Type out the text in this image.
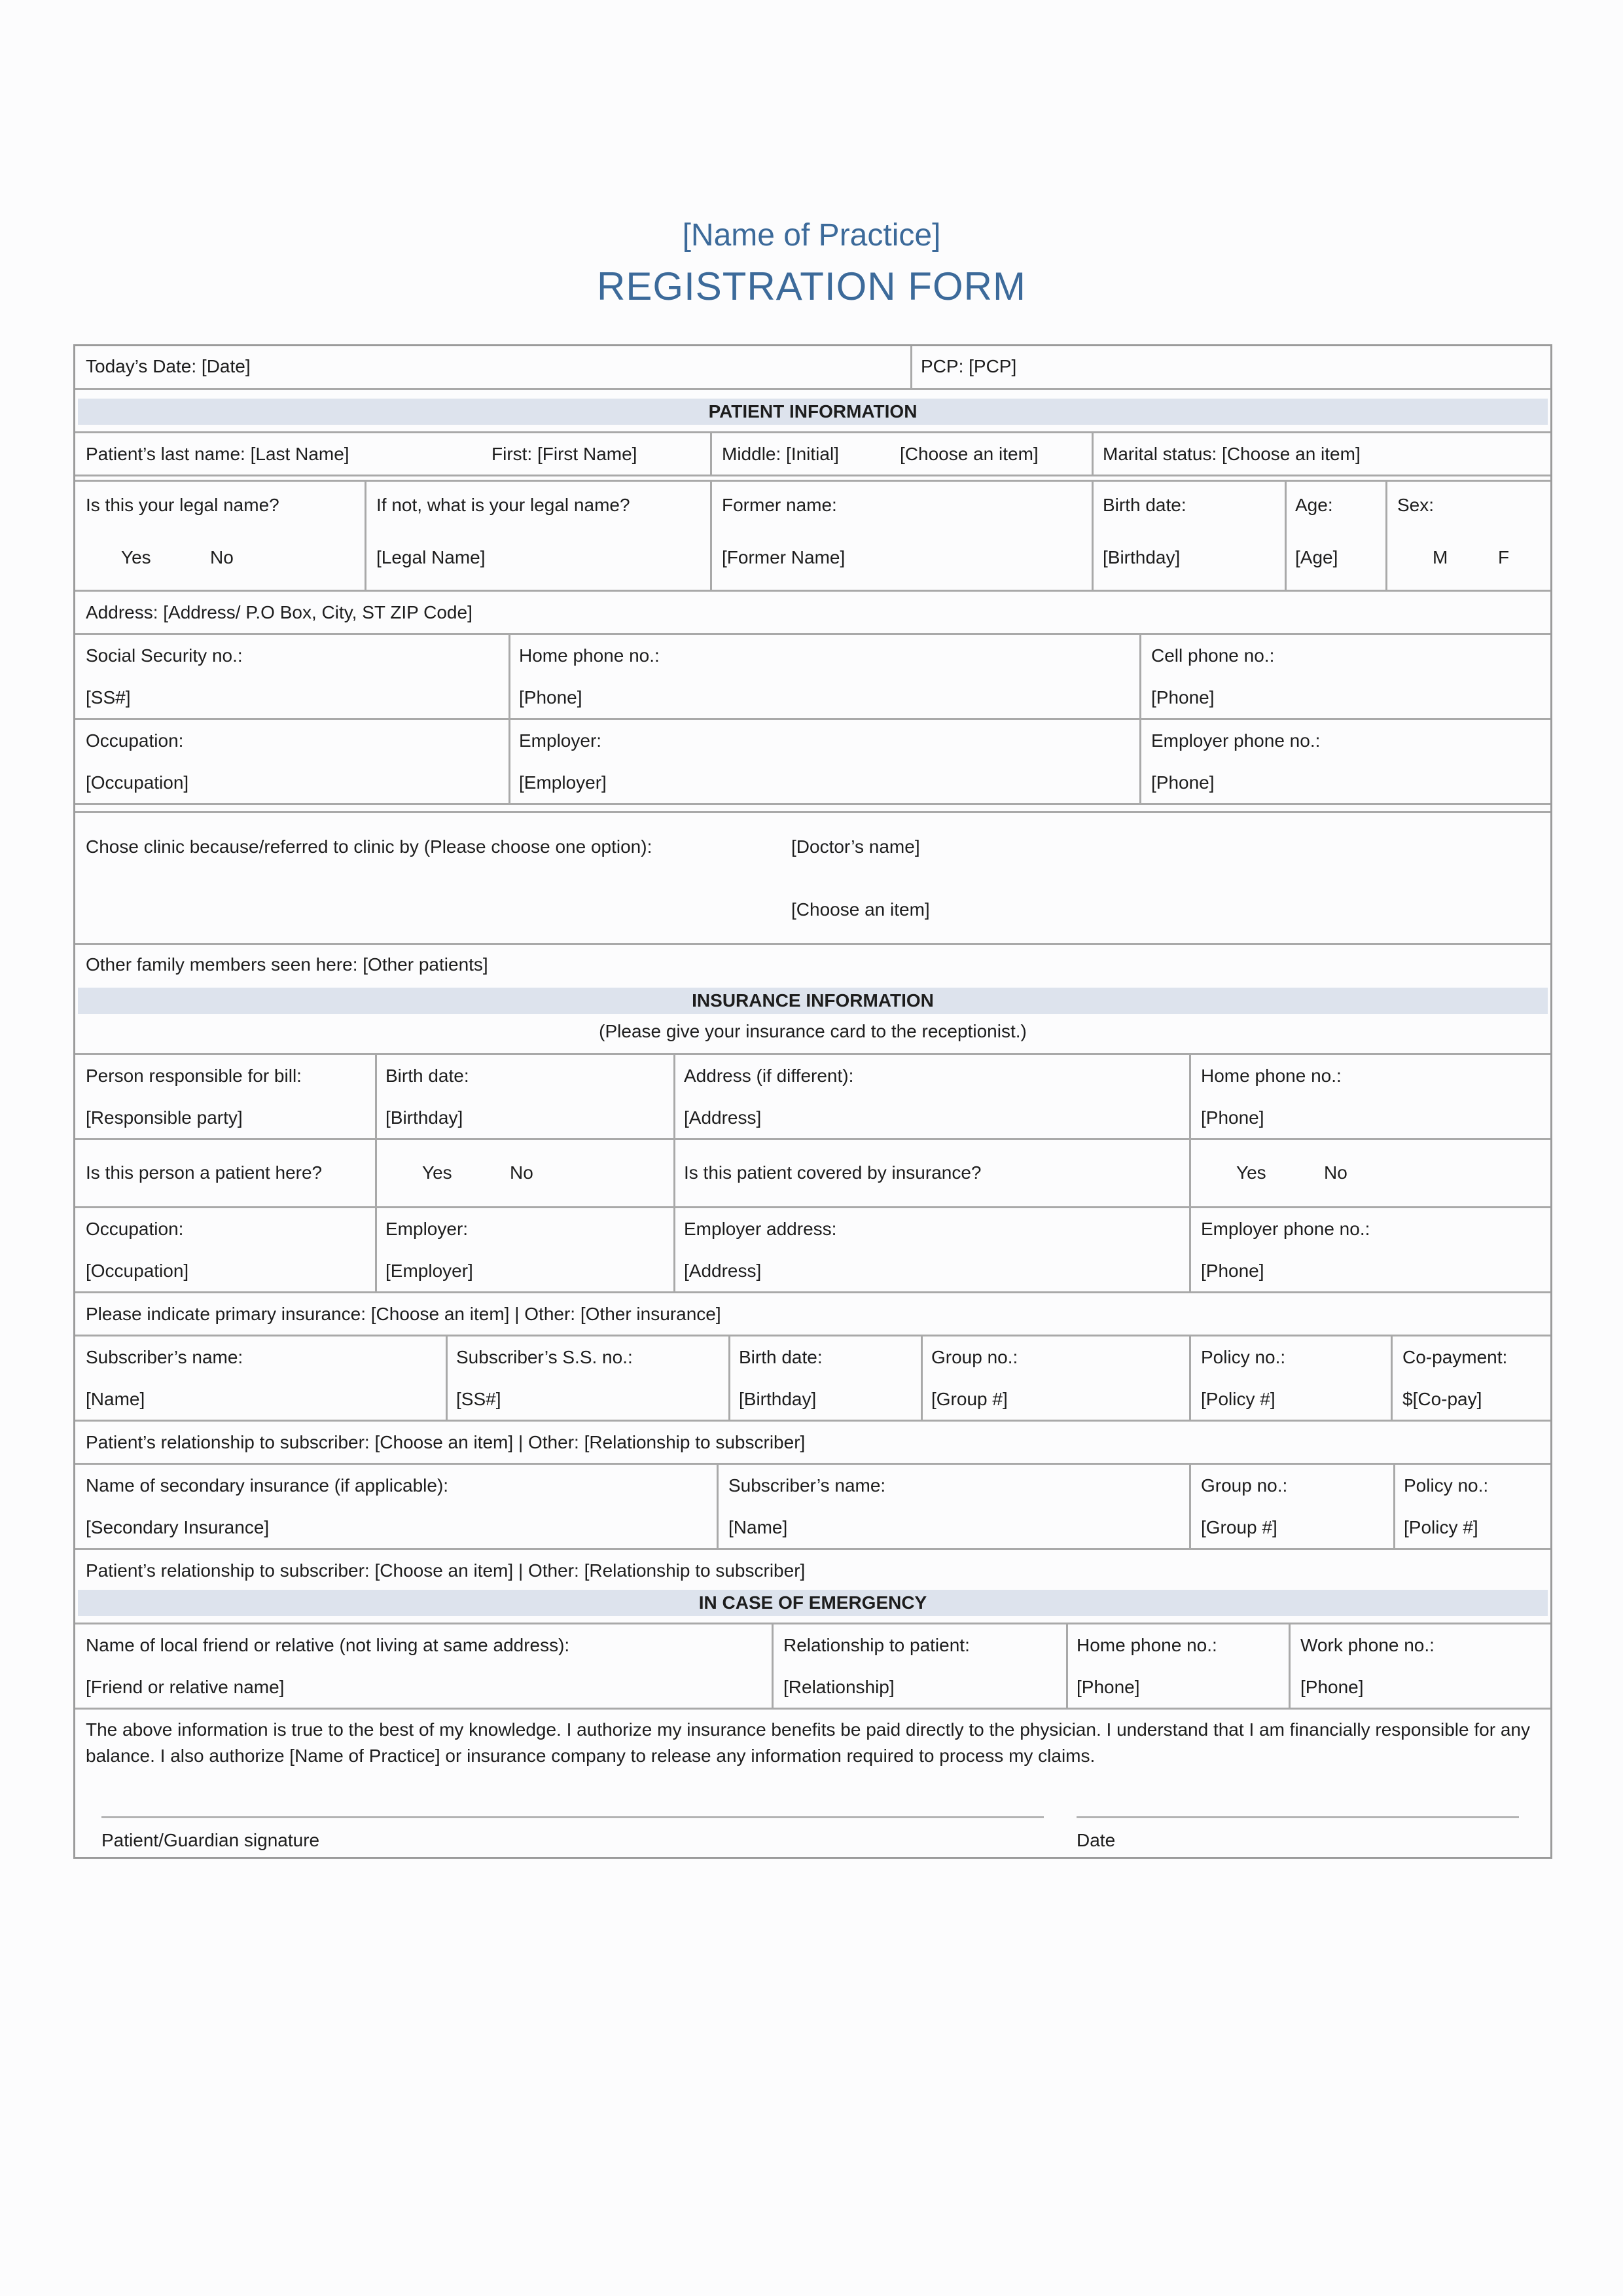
[Name of Practice]
REGISTRATION FORM
Today’s Date: [Date]	PCP: [PCP]
PATIENT INFORMATION
Patient’s last name: [Last Name]	First: [First Name]	Middle: [Initial]	[Choose an item]	Marital status: [Choose an item]
Is this your legal name?
Yes	No
If not, what is your legal name?
[Legal Name]
Former name:
[Former Name]
Birth date:
[Birthday]
Age:
[Age]
Sex:
M	F
Address: [Address/ P.O Box, City, ST ZIP Code]
Social Security no.:
[SS#]
Home phone no.:
[Phone]
Cell phone no.:
[Phone]
Occupation:
[Occupation]
Employer:
[Employer]
Employer phone no.:
[Phone]
Chose clinic because/referred to clinic by (Please choose one option):	[Doctor’s name]
[Choose an item]
Other family members seen here: [Other patients]
INSURANCE INFORMATION
(Please give your insurance card to the receptionist.)
Person responsible for bill:
[Responsible party]
Birth date:
[Birthday]
Address (if different):
[Address]
Home phone no.:
[Phone]
Is this person a patient here?	Yes	No	Is this patient covered by insurance?	Yes	No
Occupation:
[Occupation]
Employer:
[Employer]
Employer address:
[Address]
Employer phone no.:
[Phone]
Please indicate primary insurance: [Choose an item] | Other: [Other insurance]
Subscriber’s name:
[Name]
Subscriber’s S.S. no.:
[SS#]
Birth date:
[Birthday]
Group no.:
[Group #]
Policy no.:
[Policy #]
Co-payment:
$[Co-pay]
Patient’s relationship to subscriber: [Choose an item] | Other: [Relationship to subscriber]
Name of secondary insurance (if applicable):
[Secondary Insurance]
Subscriber’s name:
[Name]
Group no.:
[Group #]
Policy no.:
[Policy #]
Patient’s relationship to subscriber: [Choose an item] | Other: [Relationship to subscriber]
IN CASE OF EMERGENCY
Name of local friend or relative (not living at same address):
[Friend or relative name]
Relationship to patient:
[Relationship]
Home phone no.:
[Phone]
Work phone no.:
[Phone]
The above information is true to the best of my knowledge. I authorize my insurance benefits be paid directly to the physician. I understand that I am financially responsible for any balance. I also authorize [Name of Practice] or insurance company to release any information required to process my claims.
Patient/Guardian signature	Date
